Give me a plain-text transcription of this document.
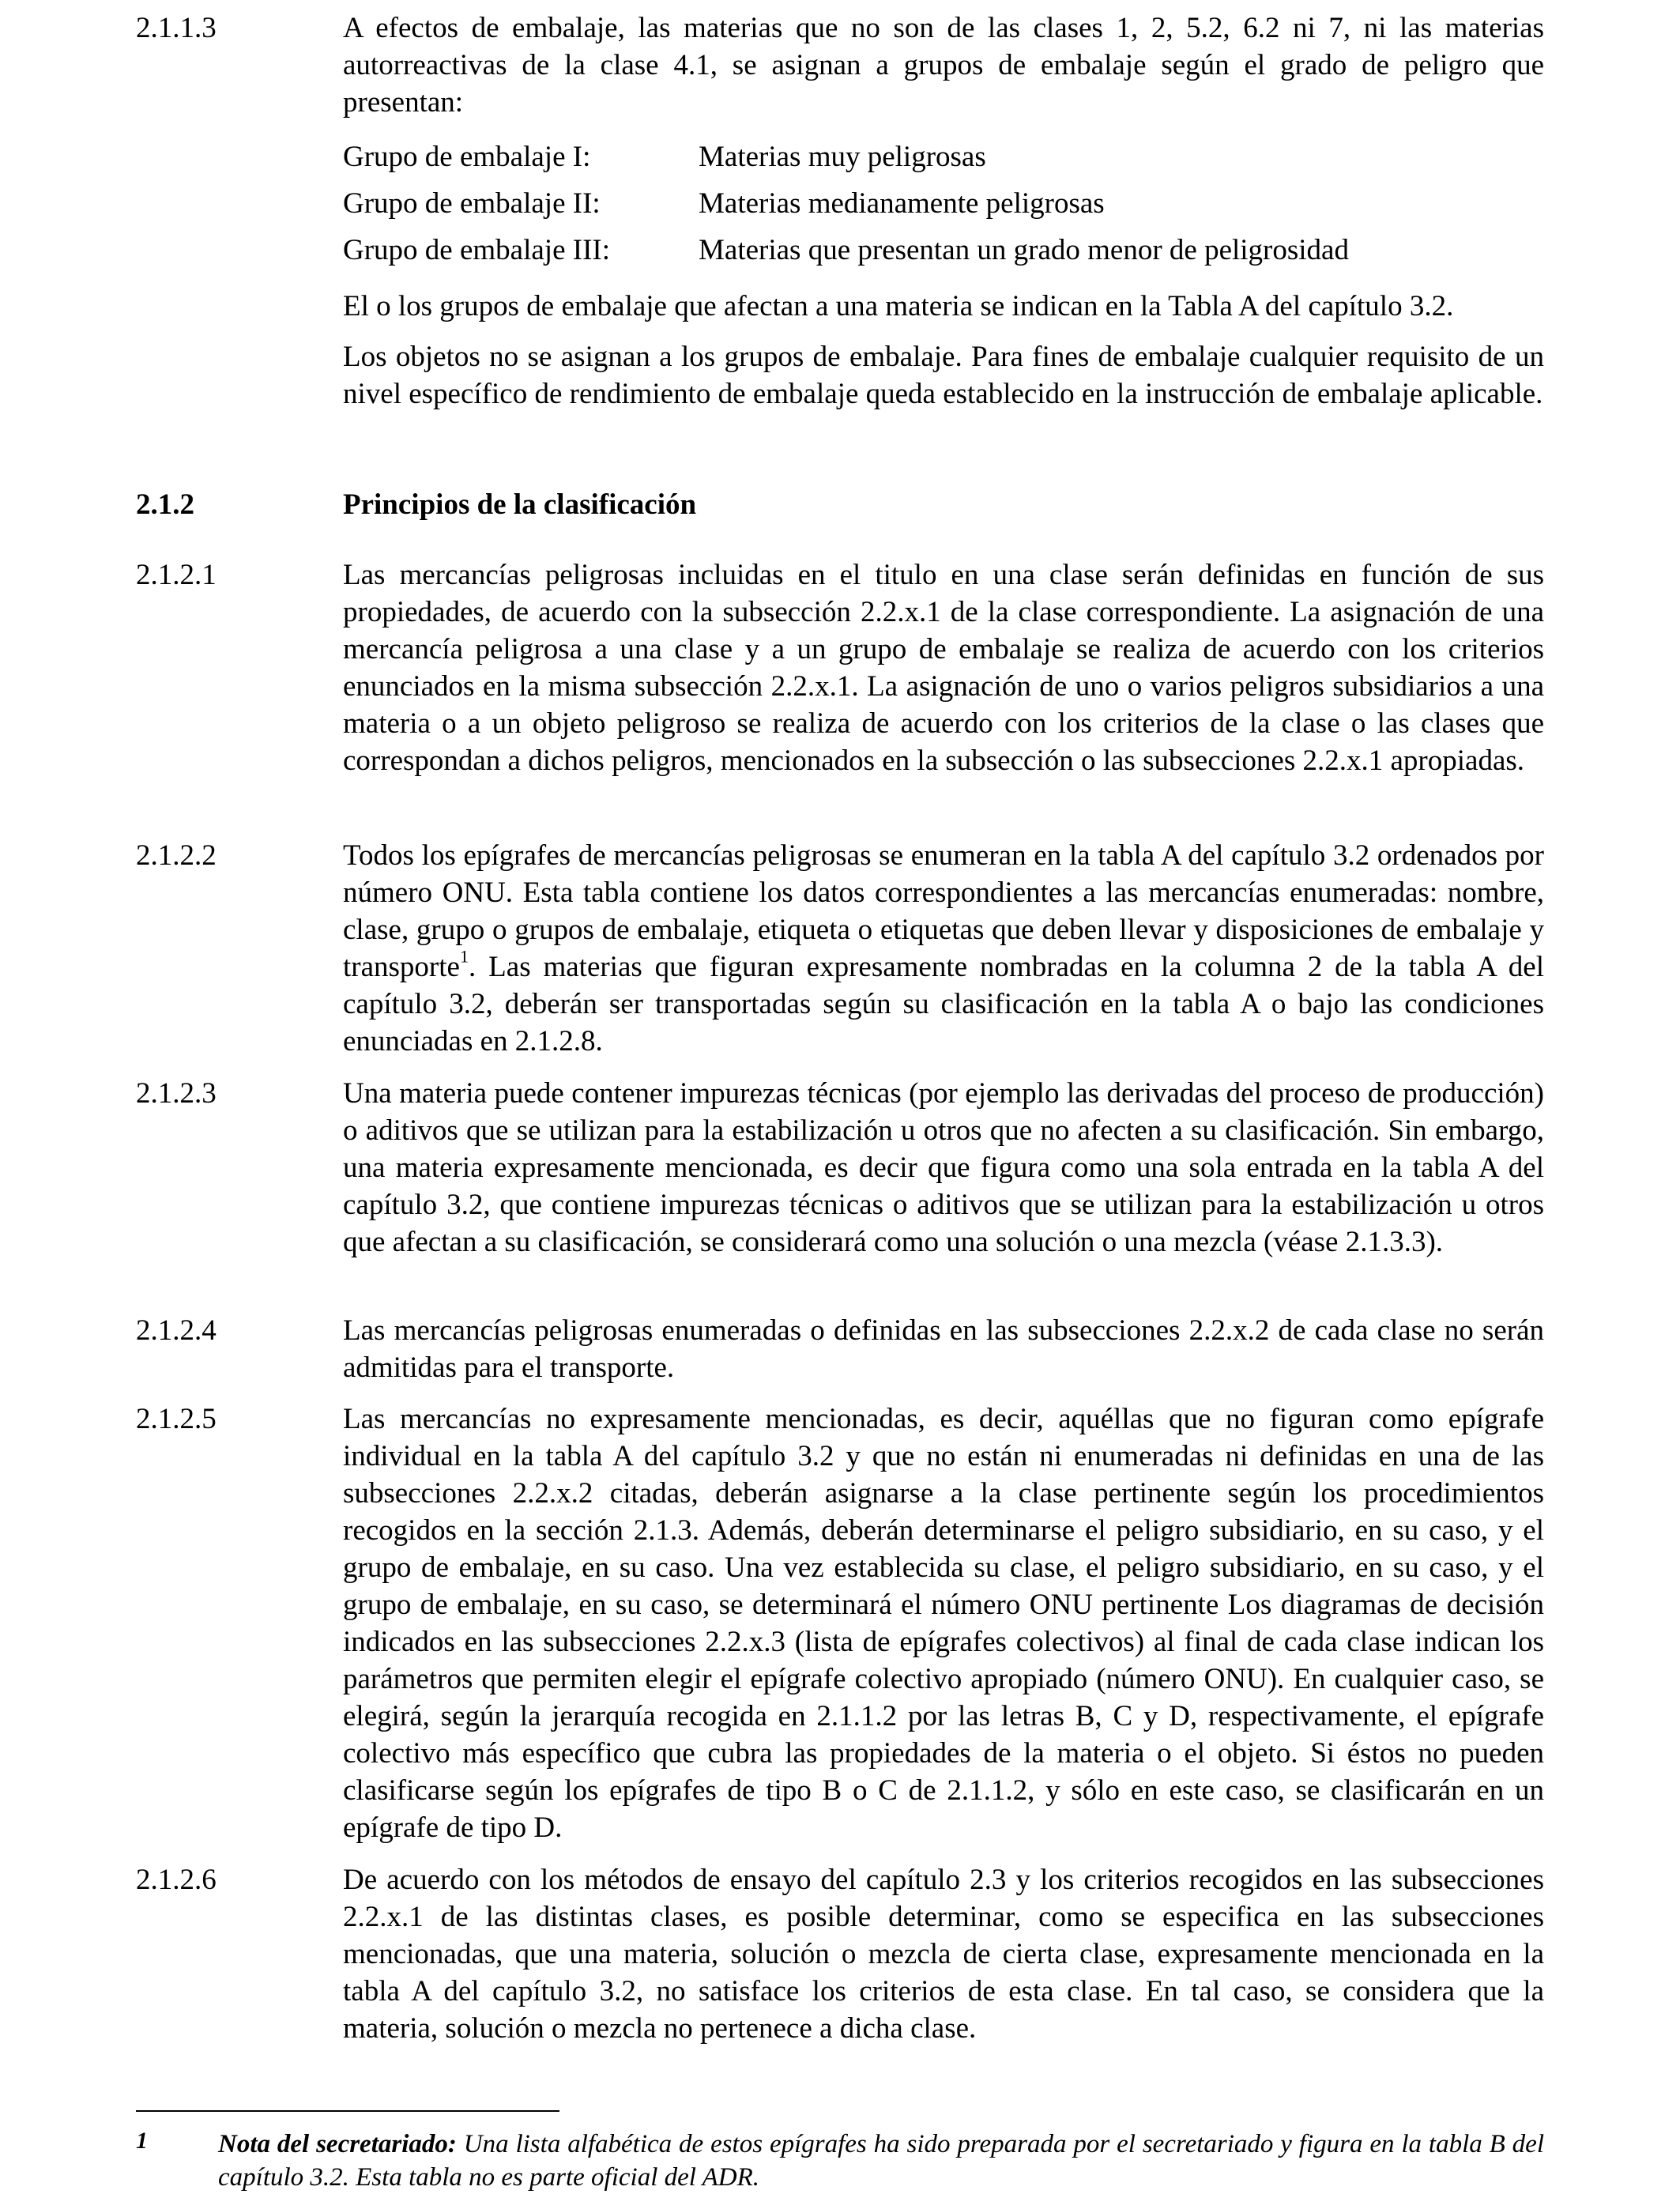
2.1.1.3	A efectos de embalaje, las materias que no son de las clases 1, 2, 5.2, 6.2 ni 7, ni las materias autorreactivas de la clase 4.1, se asignan a grupos de embalaje según el grado de peligro que presentan:
Grupo de embalaje I:	Materias muy peligrosas
Grupo de embalaje II:	Materias medianamente peligrosas
Grupo de embalaje III:	Materias que presentan un grado menor de peligrosidad
El o los grupos de embalaje que afectan a una materia se indican en la Tabla A del capítulo 3.2.
Los objetos no se asignan a los grupos de embalaje. Para fines de embalaje cualquier requisito de un nivel específico de rendimiento de embalaje queda establecido en la instrucción de embalaje aplicable.
2.1.2	Principios de la clasificación
2.1.2.1	Las mercancías peligrosas incluidas en el titulo en una clase serán definidas en función de sus propiedades, de acuerdo con la subsección 2.2.x.1 de la clase correspondiente. La asignación de una mercancía peligrosa a una clase y a un grupo de embalaje se realiza de acuerdo con los criterios enunciados en la misma subsección 2.2.x.1. La asignación de uno o varios peligros subsidiarios a una materia o a un objeto peligroso se realiza de acuerdo con los criterios de la clase o las clases que correspondan a dichos peligros, mencionados en la subsección o las subsecciones 2.2.x.1 apropiadas.
2.1.2.2	Todos los epígrafes de mercancías peligrosas se enumeran en la tabla A del capítulo 3.2 ordenados por número ONU. Esta tabla contiene los datos correspondientes a las mercancías enumeradas: nombre, clase, grupo o grupos de embalaje, etiqueta o etiquetas que deben llevar y disposiciones de embalaje y transporte$^1$. Las materias que figuran expresamente nombradas en la columna 2 de la tabla A del capítulo 3.2, deberán ser transportadas según su clasificación en la tabla A o bajo las condiciones enunciadas en 2.1.2.8.
2.1.2.3	Una materia puede contener impurezas técnicas (por ejemplo las derivadas del proceso de producción) o aditivos que se utilizan para la estabilización u otros que no afecten a su clasificación. Sin embargo, una materia expresamente mencionada, es decir que figura como una sola entrada en la tabla A del capítulo 3.2, que contiene impurezas técnicas o aditivos que se utilizan para la estabilización u otros que afectan a su clasificación, se considerará como una solución o una mezcla (véase 2.1.3.3).
2.1.2.4	Las mercancías peligrosas enumeradas o definidas en las subsecciones 2.2.x.2 de cada clase no serán admitidas para el transporte.
2.1.2.5	Las mercancías no expresamente mencionadas, es decir, aquéllas que no figuran como epígrafe individual en la tabla A del capítulo 3.2 y que no están ni enumeradas ni definidas en una de las subsecciones 2.2.x.2 citadas, deberán asignarse a la clase pertinente según los procedimientos recogidos en la sección 2.1.3. Además, deberán determinarse el peligro subsidiario, en su caso, y el grupo de embalaje, en su caso. Una vez establecida su clase, el peligro subsidiario, en su caso, y el grupo de embalaje, en su caso, se determinará el número ONU pertinente Los diagramas de decisión indicados en las subsecciones 2.2.x.3 (lista de epígrafes colectivos) al final de cada clase indican los parámetros que permiten elegir el epígrafe colectivo apropiado (número ONU). En cualquier caso, se elegirá, según la jerarquía recogida en 2.1.1.2 por las letras B, C y D, respectivamente, el epígrafe colectivo más específico que cubra las propiedades de la materia o el objeto. Si éstos no pueden clasificarse según los epígrafes de tipo B o C de 2.1.1.2, y sólo en este caso, se clasificarán en un epígrafe de tipo D.
2.1.2.6	De acuerdo con los métodos de ensayo del capítulo 2.3 y los criterios recogidos en las subsecciones 2.2.x.1 de las distintas clases, es posible determinar, como se especifica en las subsecciones mencionadas, que una materia, solución o mezcla de cierta clase, expresamente mencionada en la tabla A del capítulo 3.2, no satisface los criterios de esta clase. En tal caso, se considera que la materia, solución o mezcla no pertenece a dicha clase.
1	Nota del secretariado: Una lista alfabética de estos epígrafes ha sido preparada por el secretariado y figura en la tabla B del capítulo 3.2. Esta tabla no es parte oficial del ADR.
